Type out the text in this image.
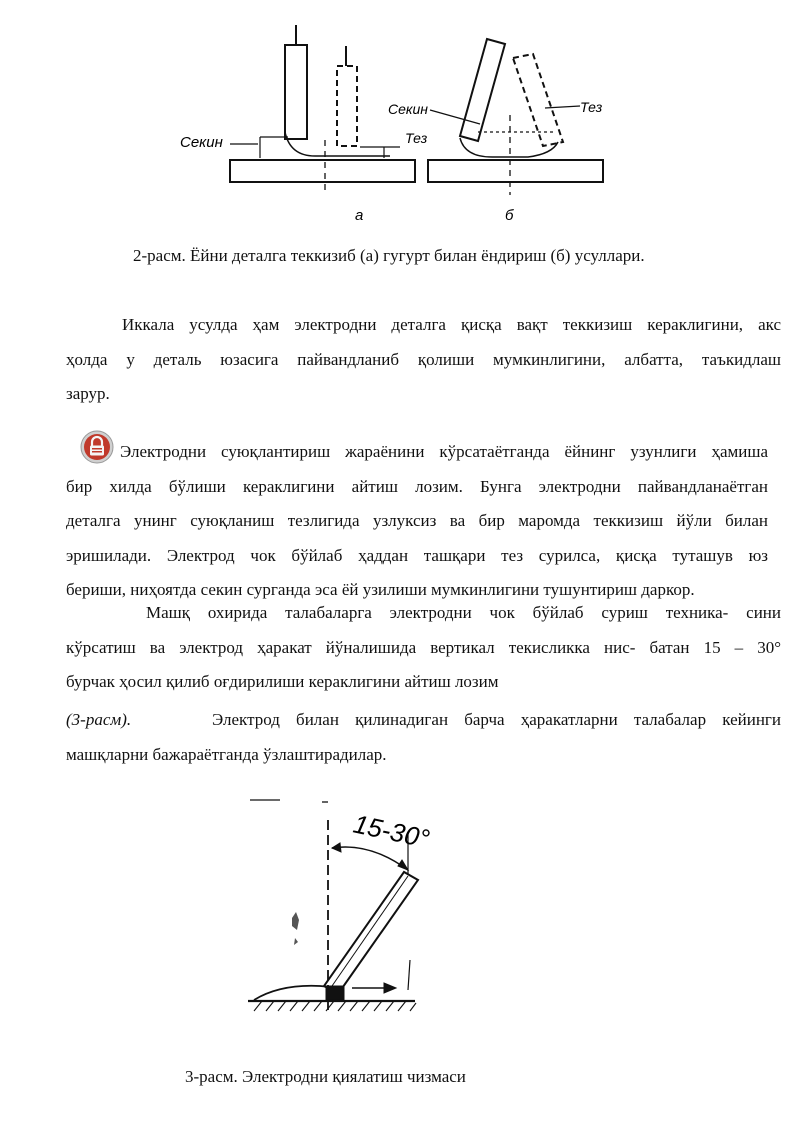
Секин	Тез
а
Секин	Тез
б
2-расм. Ёйни деталга теккизиб (а) гугурт билан ёндириш (б) усуллари.
Иккала усулда ҳам электродни деталга қисқа вақт теккизиш кераклигини, акс
ҳолда у деталь юзасига пайвандланиб қолиши мумкинлигини, албатта, таъкидлаш
зарур.
Электродни суюқлантириш жараёнини кўрсатаётганда ёйнинг узунлиги ҳамиша
бир хилда бўлиши кераклигини айтиш лозим. Бунга электродни пайвандланаётган
деталга унинг суюқланиш тезлигида узлуксиз ва бир маромда теккизиш йўли билан
эришилади. Электрод чок бўйлаб ҳаддан ташқари тез сурилса, қисқа туташув юз
бериши, ниҳоятда секин сурганда эса ёй узилиши мумкинлигини тушунтириш даркор.
Машқ охирида талабаларга электродни чок бўйлаб суриш техника- сини
кўрсатиш ва электрод ҳаракат йўналишида вертикал текисликка нис- батан 15 – 30°
бурчак ҳосил қилиб оғдирилиши кераклигини айтиш лозим
(3-расм).	Электрод билан қилинадиган барча ҳаракатларни талабалар кейинги
машқларни бажараётганда ўзлаштирадилар.
15-30°
3-расм. Электродни қиялатиш чизмаси
